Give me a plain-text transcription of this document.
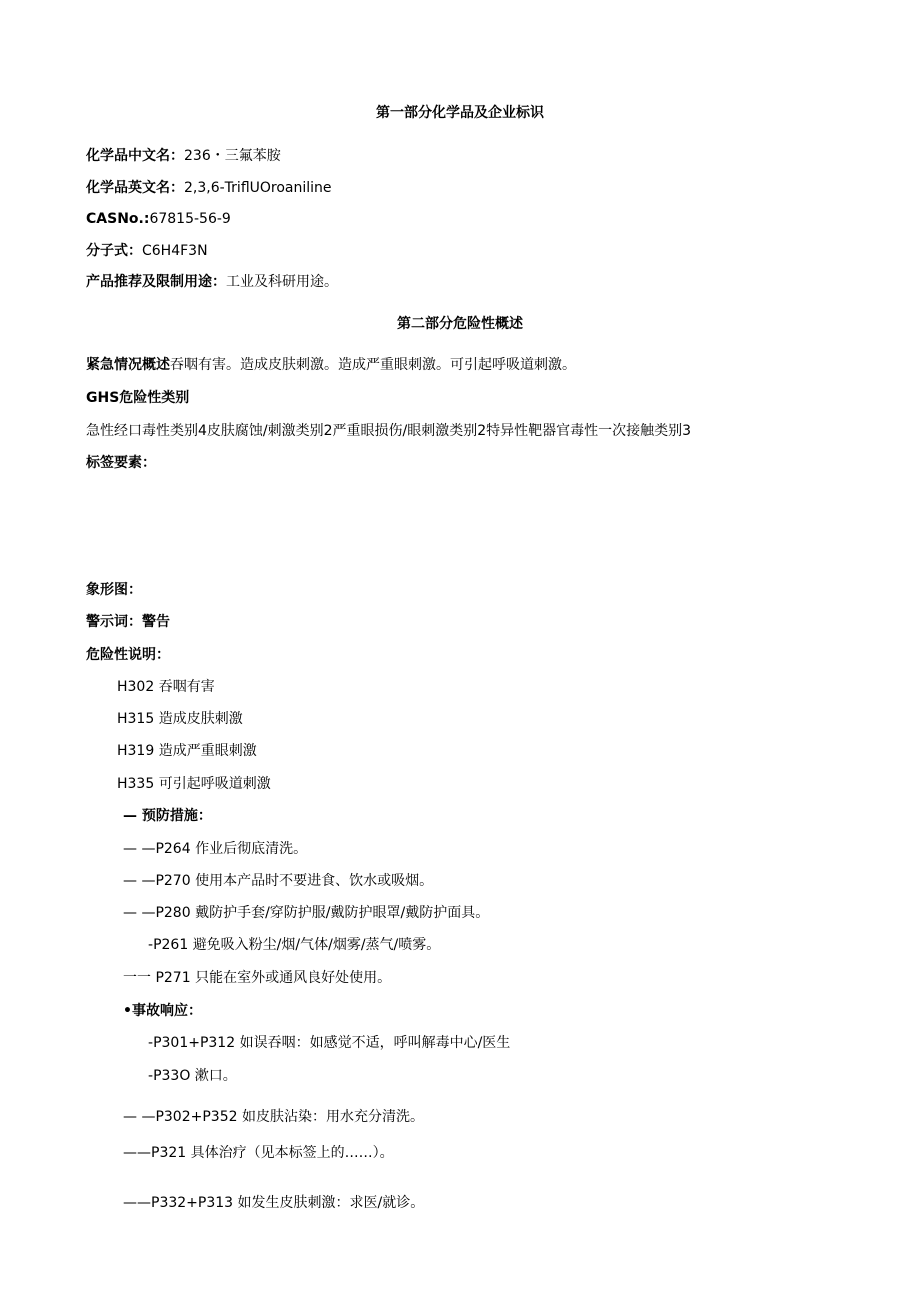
第一部分化学品及企业标识
化学品中文名：236・三氟苯胺
化学品英文名：2,3,6-TriflUOroaniline
CASNo.:67815-56-9
分子式：C6H4F3N
产品推荐及限制用途：工业及科研用途。
第二部分危险性概述
紧急情况概述吞咽有害。造成皮肤刺激。造成严重眼刺激。可引起呼吸道刺激。
GHS危险性类别
急性经口毒性类别4皮肤腐蚀/刺激类别2严重眼损伤/眼刺激类别2特异性靶器官毒性一次接触类别3
标签要素：
象形图：
警示词：警告
危险性说明：
H302 吞咽有害
H315 造成皮肤刺激
H319 造成严重眼刺激
H335 可引起呼吸道刺激
— 预防措施：
— —P264 作业后彻底清洗。
— —P270 使用本产品时不要进食、饮水或吸烟。
— —P280 戴防护手套/穿防护服/戴防护眼罩/戴防护面具。
-P261 避免吸入粉尘/烟/气体/烟雾/蒸气/喷雾。
一一 P271 只能在室外或通风良好处使用。
•事故响应：
-P301+P312 如误吞咽：如感觉不适，呼叫解毒中心/医生
-P33O 漱口。
— —P302+P352 如皮肤沾染：用水充分清洗。
——P321 具体治疗（见本标签上的……）。
——P332+P313 如发生皮肤刺激：求医/就诊。
